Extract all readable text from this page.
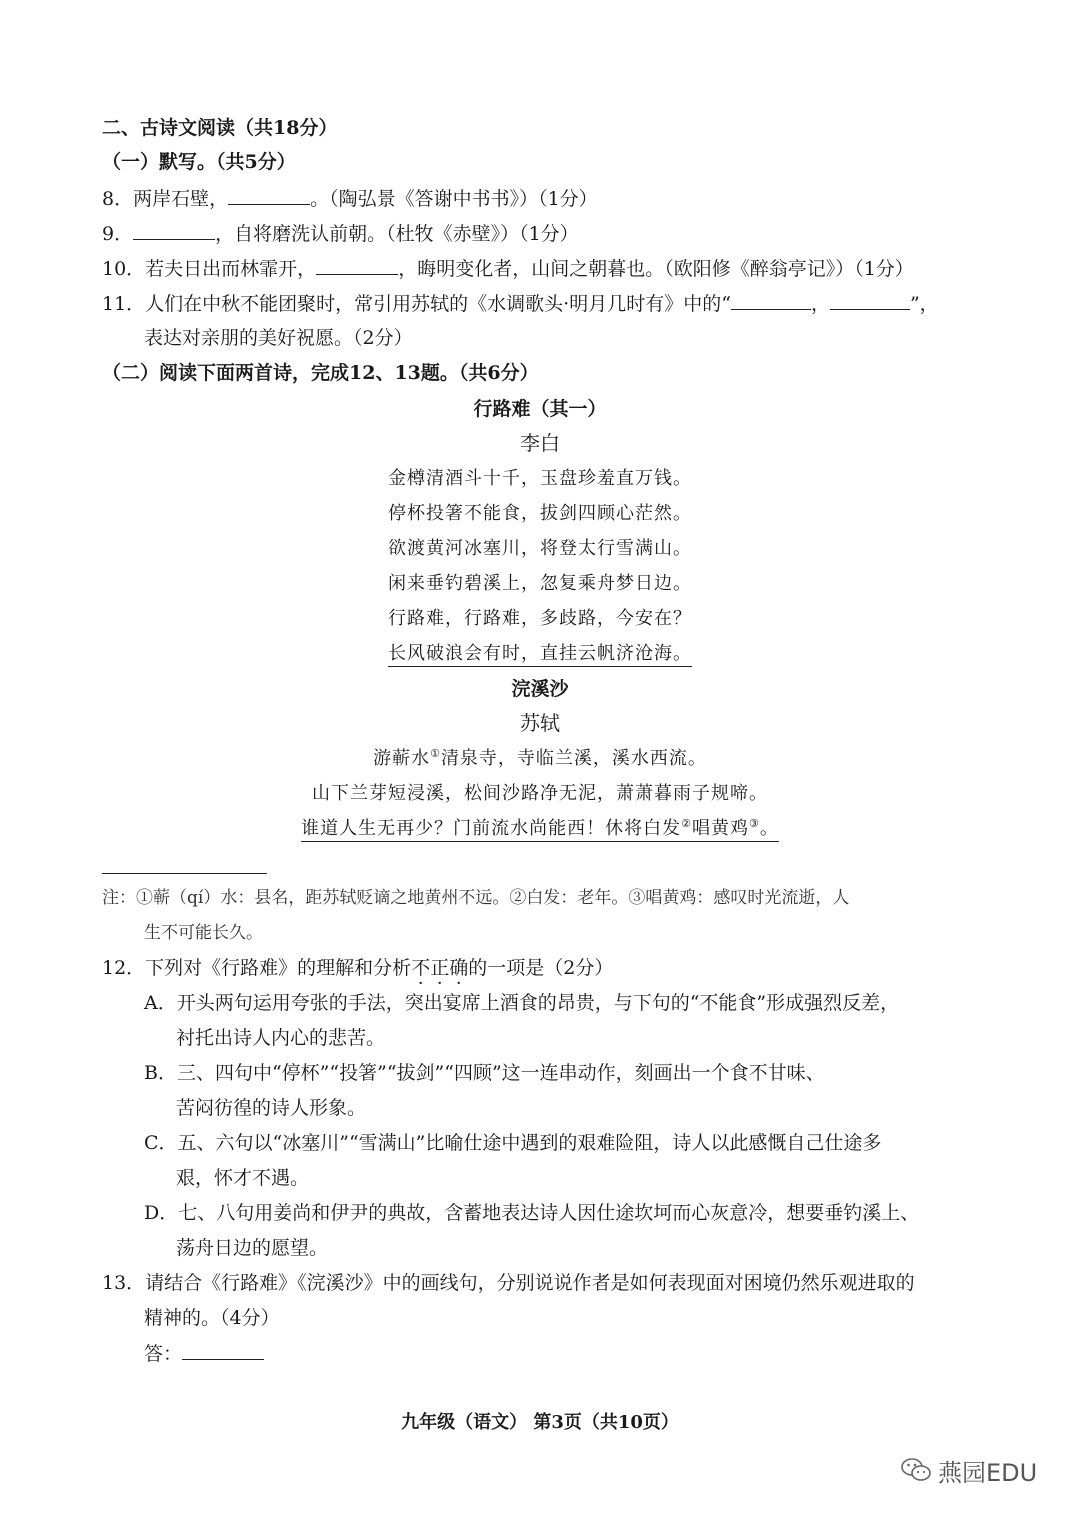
二、古诗文阅读（共18分）
（一）默写。（共5分）
8．两岸石壁，	。（陶弘景《答谢中书书》）（1分）
9．	，自将磨洗认前朝。（杜牧《赤壁》）（1分）
10．若夫日出而林霏开，	，晦明变化者，山间之朝暮也。（欧阳修《醉翁亭记》）（1分）
11．人们在中秋不能团聚时，常引用苏轼的《水调歌头·明月几时有》中的“	，	”，
表达对亲朋的美好祝愿。（2分）
（二）阅读下面两首诗，完成12、13题。（共6分）
行路难（其一）
李白
金樽清酒斗十千，玉盘珍羞直万钱。
停杯投箸不能食，拔剑四顾心茫然。
欲渡黄河冰塞川，将登太行雪满山。
闲来垂钓碧溪上，忽复乘舟梦日边。
行路难，行路难，多歧路，今安在？
长风破浪会有时，直挂云帆济沧海。
浣溪沙
苏轼
游蕲水①清泉寺，寺临兰溪，溪水西流。
山下兰芽短浸溪，松间沙路净无泥，萧萧暮雨子规啼。
谁道人生无再少？门前流水尚能西！休将白发②唱黄鸡③。
注：①蕲（qí）水：县名，距苏轼贬谪之地黄州不远。②白发：老年。③唱黄鸡：感叹时光流逝，人
生不可能长久。
12．下列对《行路难》的理解和分析不正确的一项是（2分）
A．开头两句运用夸张的手法，突出宴席上酒食的昂贵，与下句的“不能食”形成强烈反差，
衬托出诗人内心的悲苦。
B．三、四句中“停杯”“投箸”“拔剑”“四顾”这一连串动作，刻画出一个食不甘味、
苦闷彷徨的诗人形象。
C．五、六句以“冰塞川”“雪满山”比喻仕途中遇到的艰难险阻，诗人以此感慨自己仕途多
艰，怀才不遇。
D．七、八句用姜尚和伊尹的典故，含蓄地表达诗人因仕途坎坷而心灰意冷，想要垂钓溪上、
荡舟日边的愿望。
13．请结合《行路难》《浣溪沙》中的画线句，分别说说作者是如何表现面对困境仍然乐观进取的
精神的。（4分）
答：
九年级（语文） 第3页（共10页）
燕园EDU
